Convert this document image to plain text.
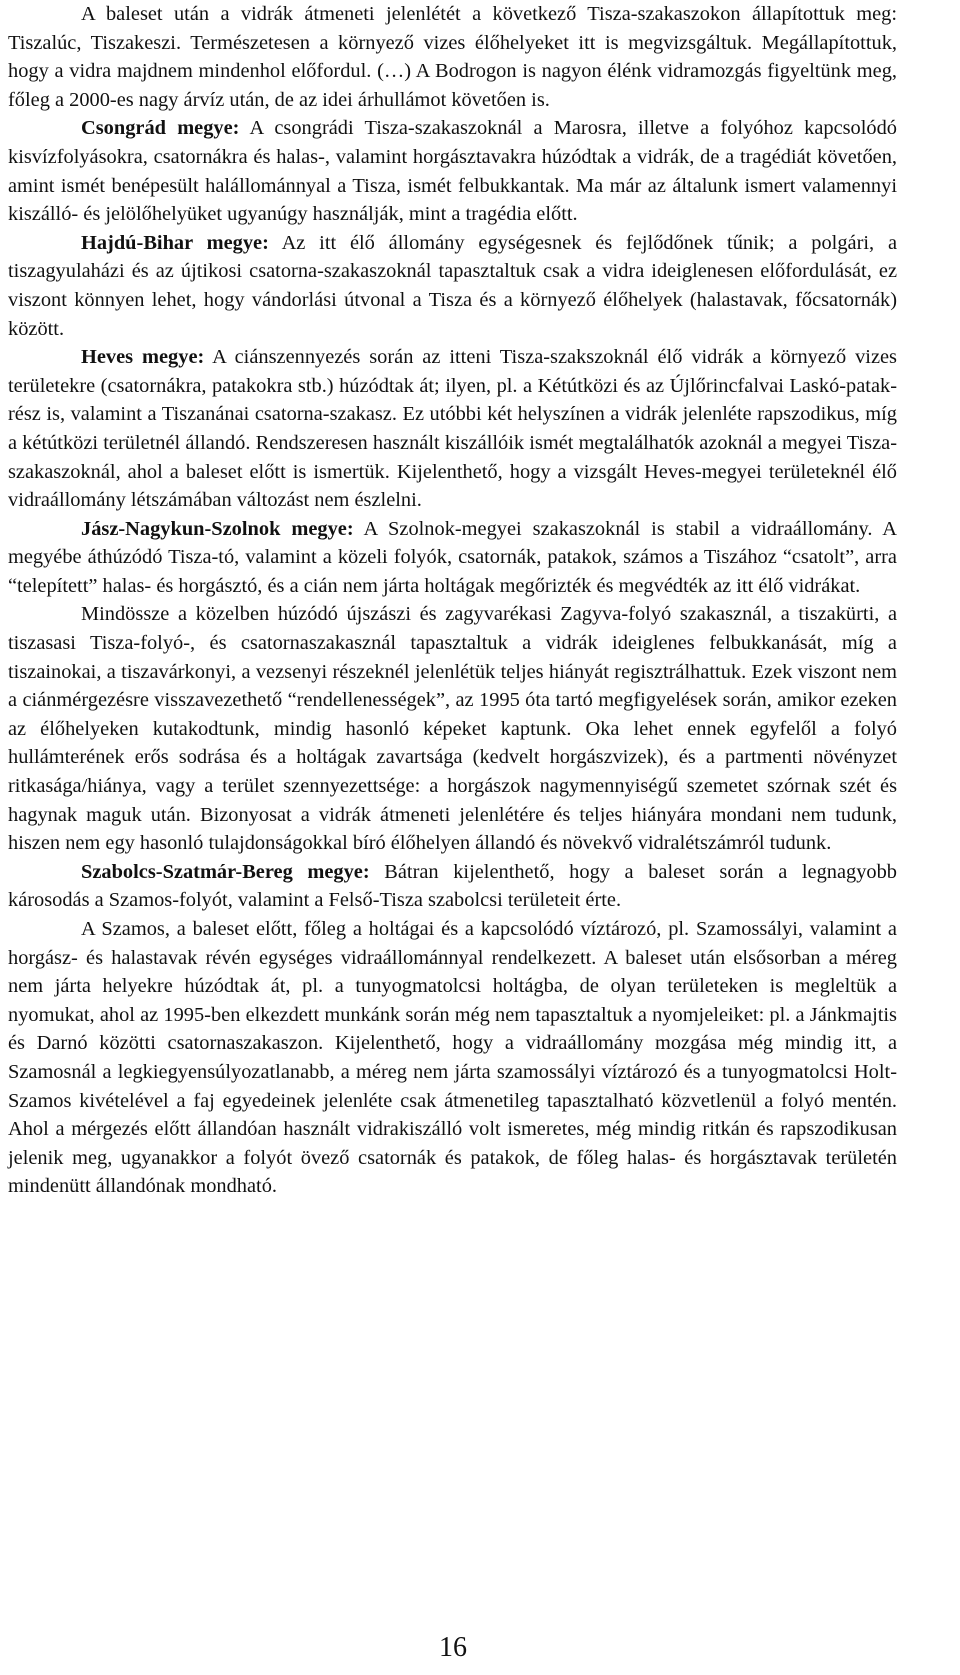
A baleset után a vidrák átmeneti jelenlétét a következő Tisza-szakaszokon állapítottuk meg: Tiszalúc, Tiszakeszi. Természetesen a környező vizes élőhelyeket itt is megvizsgáltuk. Megállapítottuk, hogy a vidra majdnem mindenhol előfordul. (…) A Bodrogon is nagyon élénk vidramozgás figyeltünk meg, főleg a 2000-es nagy árvíz után, de az idei árhullámot követően is.

Csongrád megye: A csongrádi Tisza-szakaszoknál a Marosra, illetve a folyóhoz kapcsolódó kisvízfolyásokra, csatornákra és halas-, valamint horgásztavakra húzódtak a vidrák, de a tragédiát követően, amint ismét benépesült halállománnyal a Tisza, ismét felbukkantak. Ma már az általunk ismert valamennyi kiszálló- és jelölőhelyüket ugyanúgy használják, mint a tragédia előtt.

Hajdú-Bihar megye: Az itt élő állomány egységesnek és fejlődőnek tűnik; a polgári, a tiszagyulaházi és az újtikosi csatorna-szakaszoknál tapasztaltuk csak a vidra ideiglenesen előfordulását, ez viszont könnyen lehet, hogy vándorlási útvonal a Tisza és a környező élőhelyek (halastavak, főcsatornák) között.

Heves megye: A ciánszennyezés során az itteni Tisza-szakszoknál élő vidrák a környező vizes területekre (csatornákra, patakokra stb.) húzódtak át; ilyen, pl. a Kétútközi és az Újlőrincfalvai Laskó-patak-rész is, valamint a Tiszanánai csatorna-szakasz. Ez utóbbi két helyszínen a vidrák jelenléte rapszodikus, míg a kétútközi területnél állandó. Rendszeresen használt kiszállóik ismét megtalálhatók azoknál a megyei Tisza-szakaszoknál, ahol a baleset előtt is ismertük. Kijelenthető, hogy a vizsgált Heves-megyei területeknél élő vidraállomány létszámában változást nem észlelni.

Jász-Nagykun-Szolnok megye: A Szolnok-megyei szakaszoknál is stabil a vidraállomány. A megyébe áthúzódó Tisza-tó, valamint a közeli folyók, csatornák, patakok, számos a Tiszához “csatolt”, arra “telepített” halas- és horgásztó, és a cián nem járta holtágak megőrizték és megvédték az itt élő vidrákat.

Mindössze a közelben húzódó újszászi és zagyvarékasi Zagyva-folyó szakasznál, a tiszakürti, a tiszasasi Tisza-folyó-, és csatornaszakasznál tapasztaltuk a vidrák ideiglenes felbukkanását, míg a tiszainokai, a tiszavárkonyi, a vezsenyi részeknél jelenlétük teljes hiányát regisztrálhattuk. Ezek viszont nem a ciánmérgezésre visszavezethető “rendellenességek”, az 1995 óta tartó megfigyelések során, amikor ezeken az élőhelyeken kutakodtunk, mindig hasonló képeket kaptunk. Oka lehet ennek egyfelől a folyó hullámterének erős sodrása és a holtágak zavartsága (kedvelt horgászvizek), és a partmenti növényzet ritkasága/hiánya, vagy a terület szennyezettsége: a horgászok nagymennyiségű szemetet szórnak szét és hagynak maguk után. Bizonyosat a vidrák átmeneti jelenlétére és teljes hiányára mondani nem tudunk, hiszen nem egy hasonló tulajdonságokkal bíró élőhelyen állandó és növekvő vidralétszámról tudunk.

Szabolcs-Szatmár-Bereg megye: Bátran kijelenthető, hogy a baleset során a legnagyobb károsodás a Szamos-folyót, valamint a Felső-Tisza szabolcsi területeit érte.

A Szamos, a baleset előtt, főleg a holtágai és a kapcsolódó víztározó, pl. Szamossályi, valamint a horgász- és halastavak révén egységes vidraállománnyal rendelkezett. A baleset után elsősorban a méreg nem járta helyekre húzódtak át, pl. a tunyogmatolcsi holtágba, de olyan területeken is megleltük a nyomukat, ahol az 1995-ben elkezdett munkánk során még nem tapasztaltuk a nyomjeleiket: pl. a Jánkmajtis és Darnó közötti csatornaszakaszon. Kijelenthető, hogy a vidraállomány mozgása még mindig itt, a Szamosnál a legkiegyensúlyozatlanabb, a méreg nem járta szamossályi víztározó és a tunyogmatolcsi Holt-Szamos kivételével a faj egyedeinek jelenléte csak átmenetileg tapasztalható közvetlenül a folyó mentén. Ahol a mérgezés előtt állandóan használt vidrakiszálló volt ismeretes, még mindig ritkán és rapszodikusan jelenik meg, ugyanakkor a folyót övező csatornák és patakok, de főleg halas- és horgásztavak területén mindenütt állandónak mondható.

16
